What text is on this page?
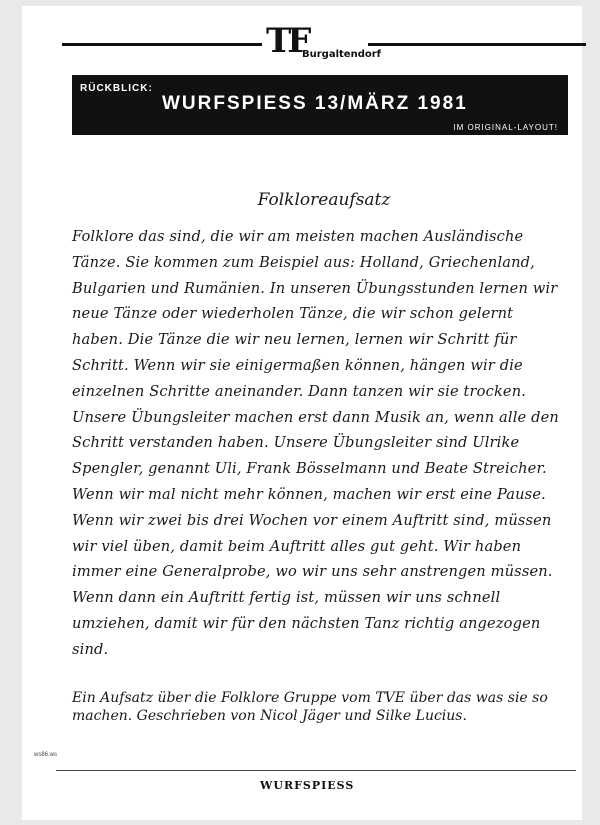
TF
Burgaltendorf
RÜCKBLICK:
WURFSPIESS 13/MÄRZ 1981
IM ORIGINAL-LAYOUT!
Folkloreaufsatz

Folklore das sind, die wir am meisten machen Ausländische Tänze. Sie kommen zum Beispiel aus: Holland, Griechenland, Bulgarien und Rumänien. In unseren Übungsstunden lernen wir neue Tänze oder wiederholen Tänze, die wir schon gelernt haben. Die Tänze die wir neu lernen, lernen wir Schritt für Schritt. Wenn wir sie einigermaßen können, hängen wir die einzelnen Schritte aneinander. Dann tanzen wir sie trocken. Unsere Übungsleiter machen erst dann Musik an, wenn alle den Schritt verstanden haben. Unsere Übungsleiter sind Ulrike Spengler, genannt Uli, Frank Bösselmann und Beate Streicher. Wenn wir mal nicht mehr können, machen wir erst eine Pause. Wenn wir zwei bis drei Wochen vor einem Auftritt sind, müssen wir viel üben, damit beim Auftritt alles gut geht. Wir haben immer eine Generalprobe, wo wir uns sehr anstrengen müssen. Wenn dann ein Auftritt fertig ist, müssen wir uns schnell umziehen, damit wir für den nächsten Tanz richtig angezogen sind.

Ein Aufsatz über die Folklore Gruppe vom TVE über das was sie so machen. Geschrieben von Nicol Jäger und Silke Lucius.

ws86.ws
WURFSPIESS
